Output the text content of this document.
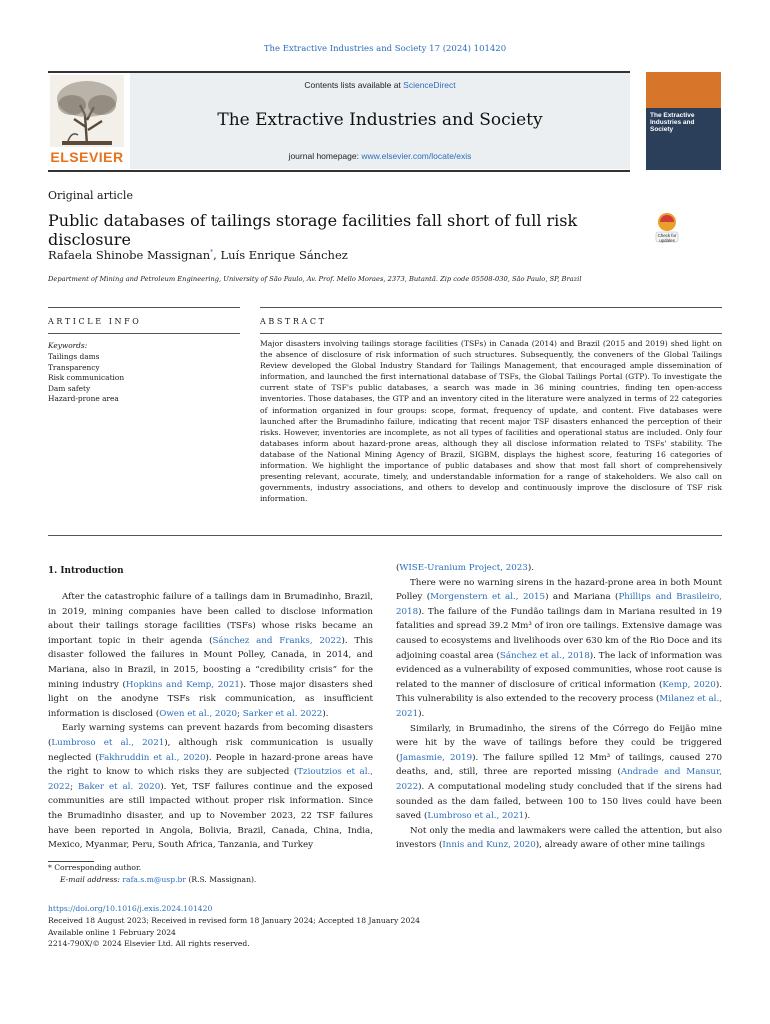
The Extractive Industries and Society 17 (2024) 101420
ELSEVIER
Contents lists available at ScienceDirect
The Extractive Industries and Society
journal homepage: www.elsevier.com/locate/exis
The Extractive Industries and Society
Original article
Public databases of tailings storage facilities fall short of full risk disclosure	Check for updates
Rafaela Shinobe Massignan*, Luís Enrique Sánchez
Department of Mining and Petroleum Engineering, University of São Paulo, Av. Prof. Mello Moraes, 2373, Butantã. Zip code 05508-030, São Paulo, SP, Brazil
ARTICLE INFO	ABSTRACT
Keywords:
Tailings dams
Transparency
Risk communication
Dam safety
Hazard-prone area
Major disasters involving tailings storage facilities (TSFs) in Canada (2014) and Brazil (2015 and 2019) shed light on the absence of disclosure of risk information of such structures. Subsequently, the conveners of the Global Tailings Review developed the Global Industry Standard for Tailings Management, that encouraged ample dissemination of information, and launched the first international database of TSFs, the Global Tailings Portal (GTP). To investigate the current state of TSF's public databases, a search was made in 36 mining countries, finding ten open-access inventories. Those databases, the GTP and an inventory cited in the literature were analyzed in terms of 22 categories of information organized in four groups: scope, format, frequency of update, and content. Five databases were launched after the Brumadinho failure, indicating that recent major TSF disasters enhanced the perception of their risks. However, inventories are incomplete, as not all types of facilities and operational status are included. Only four databases inform about hazard-prone areas, although they all disclose information related to TSFs' stability. The database of the National Mining Agency of Brazil, SIGBM, displays the highest score, featuring 16 categories of information. We highlight the importance of public databases and show that most fall short of comprehensively presenting relevant, accurate, timely, and understandable information for a range of stakeholders. We also call on governments, industry associations, and others to develop and continuously improve the disclosure of TSF risk information.
1. Introduction

After the catastrophic failure of a tailings dam in Brumadinho, Brazil, in 2019, mining companies have been called to disclose information about their tailings storage facilities (TSFs) whose risks became an important topic in their agenda (Sánchez and Franks, 2022). This disaster followed the failures in Mount Polley, Canada, in 2014, and Mariana, also in Brazil, in 2015, boosting a “credibility crisis” for the mining industry (Hopkins and Kemp, 2021). Those major disasters shed light on the anodyne TSFs risk communication, as insufficient information is disclosed (Owen et al., 2020; Sarker et al. 2022).

Early warning systems can prevent hazards from becoming disasters (Lumbroso et al., 2021), although risk communication is usually neglected (Fakhruddin et al., 2020). People in hazard-prone areas have the right to know to which risks they are subjected (Tzioutzios et al., 2022; Baker et al. 2020). Yet, TSF failures continue and the exposed communities are still impacted without proper risk information. Since the Brumadinho disaster, and up to November 2023, 22 TSF failures have been reported in Angola, Bolivia, Brazil, Canada, China, India, Mexico, Myanmar, Peru, South Africa, Tanzania, and Turkey

(WISE-Uranium Project, 2023).

There were no warning sirens in the hazard-prone area in both Mount Polley (Morgenstern et al., 2015) and Mariana (Phillips and Brasileiro, 2018). The failure of the Fundão tailings dam in Mariana resulted in 19 fatalities and spread 39.2 Mm³ of iron ore tailings. Extensive damage was caused to ecosystems and livelihoods over 630 km of the Rio Doce and its adjoining coastal area (Sánchez et al., 2018). The lack of information was evidenced as a vulnerability of exposed communities, whose root cause is related to the manner of disclosure of critical information (Kemp, 2020). This vulnerability is also extended to the recovery process (Milanez et al., 2021).

Similarly, in Brumadinho, the sirens of the Córrego do Feijão mine were hit by the wave of tailings before they could be triggered (Jamasmie, 2019). The failure spilled 12 Mm³ of tailings, caused 270 deaths, and, still, three are reported missing (Andrade and Mansur, 2022). A computational modeling study concluded that if the sirens had sounded as the dam failed, between 100 to 150 lives could have been saved (Lumbroso et al., 2021).

Not only the media and lawmakers were called the attention, but also investors (Innis and Kunz, 2020), already aware of other mine tailings

* Corresponding author.
E-mail address: rafa.s.m@usp.br (R.S. Massignan).
https://doi.org/10.1016/j.exis.2024.101420
Received 18 August 2023; Received in revised form 18 January 2024; Accepted 18 January 2024
Available online 1 February 2024
2214-790X/© 2024 Elsevier Ltd. All rights reserved.
